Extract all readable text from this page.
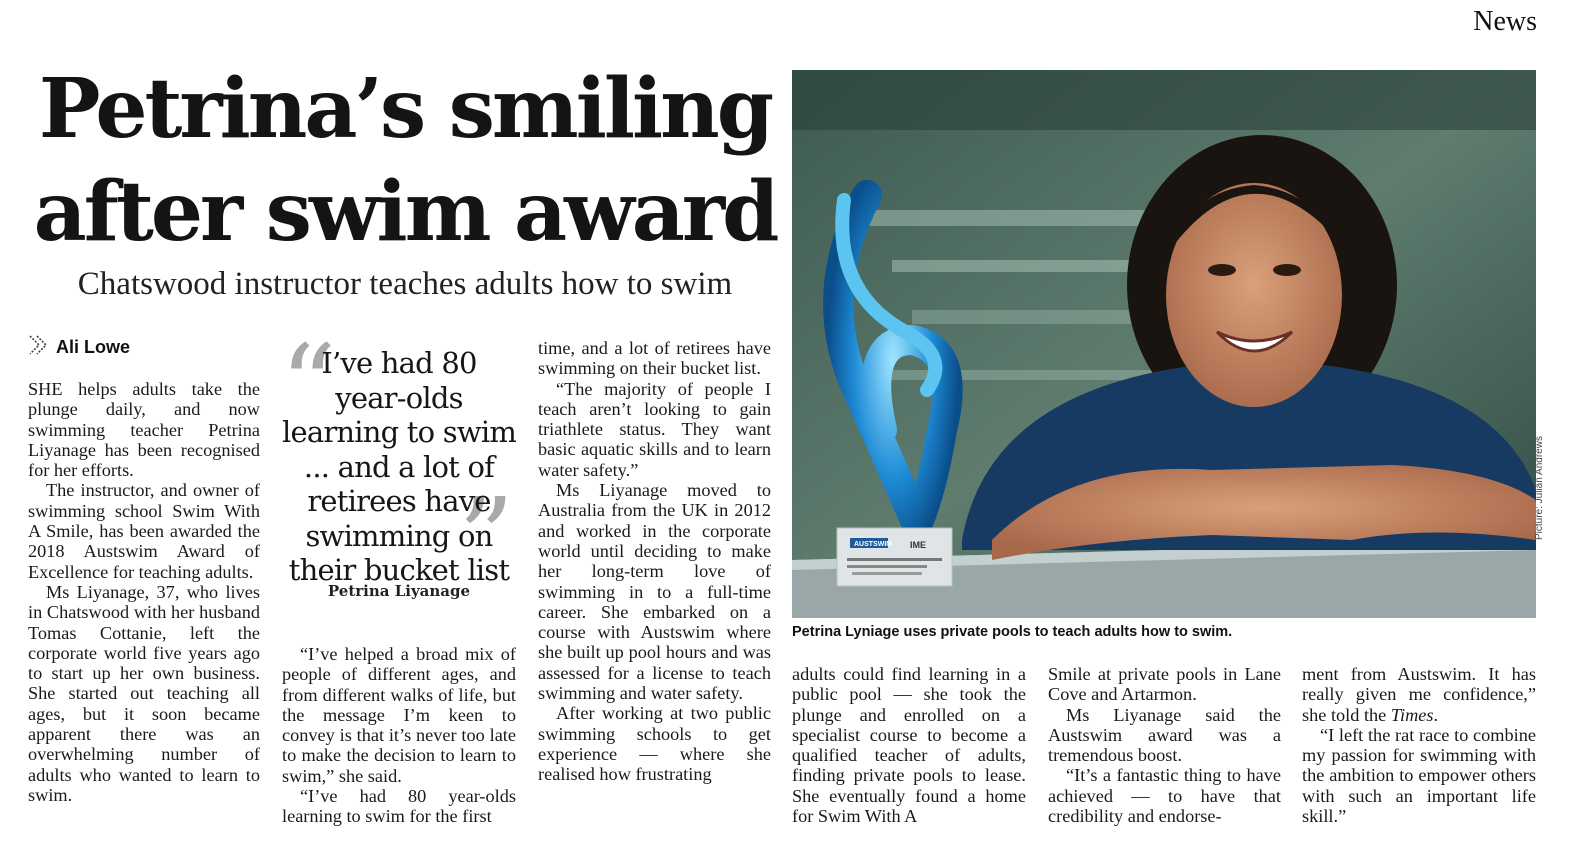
News
Petrina’s smiling
after swim award
Chatswood instructor teaches adults how to swim
Ali Lowe

SHE helps adults take the plunge daily, and now swimming teacher Petrina Liyanage has been recognised for her efforts.

The instructor, and owner of swimming school Swim With A Smile, has been awarded the 2018 Austswim Award of Excellence for teaching adults.

Ms Liyanage, 37, who lives in Chatswood with her husband Tomas Cottanie, left the corporate world five years ago to start up her own business. She started out teaching all ages, but it soon became apparent there was an overwhelming number of adults who wanted to learn to swim.

“
”
I’ve had 80 year-olds learning to swim ... and a lot of retirees have swimming on their bucket list
Petrina Liyanage

“I’ve helped a broad mix of people of different ages, and from different walks of life, but the message I’m keen to convey is that it’s never too late to make the decision to learn to swim,” she said.

“I’ve had 80 year-olds learning to swim for the first

time, and a lot of retirees have swimming on their bucket list.

“The majority of people I teach aren’t looking to gain triathlete status. They want basic aquatic skills and to learn water safety.”

Ms Liyanage moved to Australia from the UK in 2012 and worked in the corporate world until deciding to make her long-term love of swimming in to a full-time career. She embarked on a course with Austswim where she built up pool hours and was assessed for a license to teach swimming and water safety.

After working at two public swimming schools to get experience — where she realised how frustrating

AUSTSWIM IME
Picture: Julian Andrews
Petrina Lyniage uses private pools to teach adults how to swim.

adults could find learning in a public pool — she took the plunge and enrolled on a specialist course to become a qualified teacher of adults, finding private pools to lease. She eventually found a home for Swim With A

Smile at private pools in Lane Cove and Artarmon.

Ms Liyanage said the Austswim award was a tremendous boost.

“It’s a fantastic thing to have achieved — to have that credibility and endorse-

ment from Austswim. It has really given me confidence,” she told the Times.

“I left the rat race to combine my passion for swimming with the ambition to empower others with such an important life skill.”
